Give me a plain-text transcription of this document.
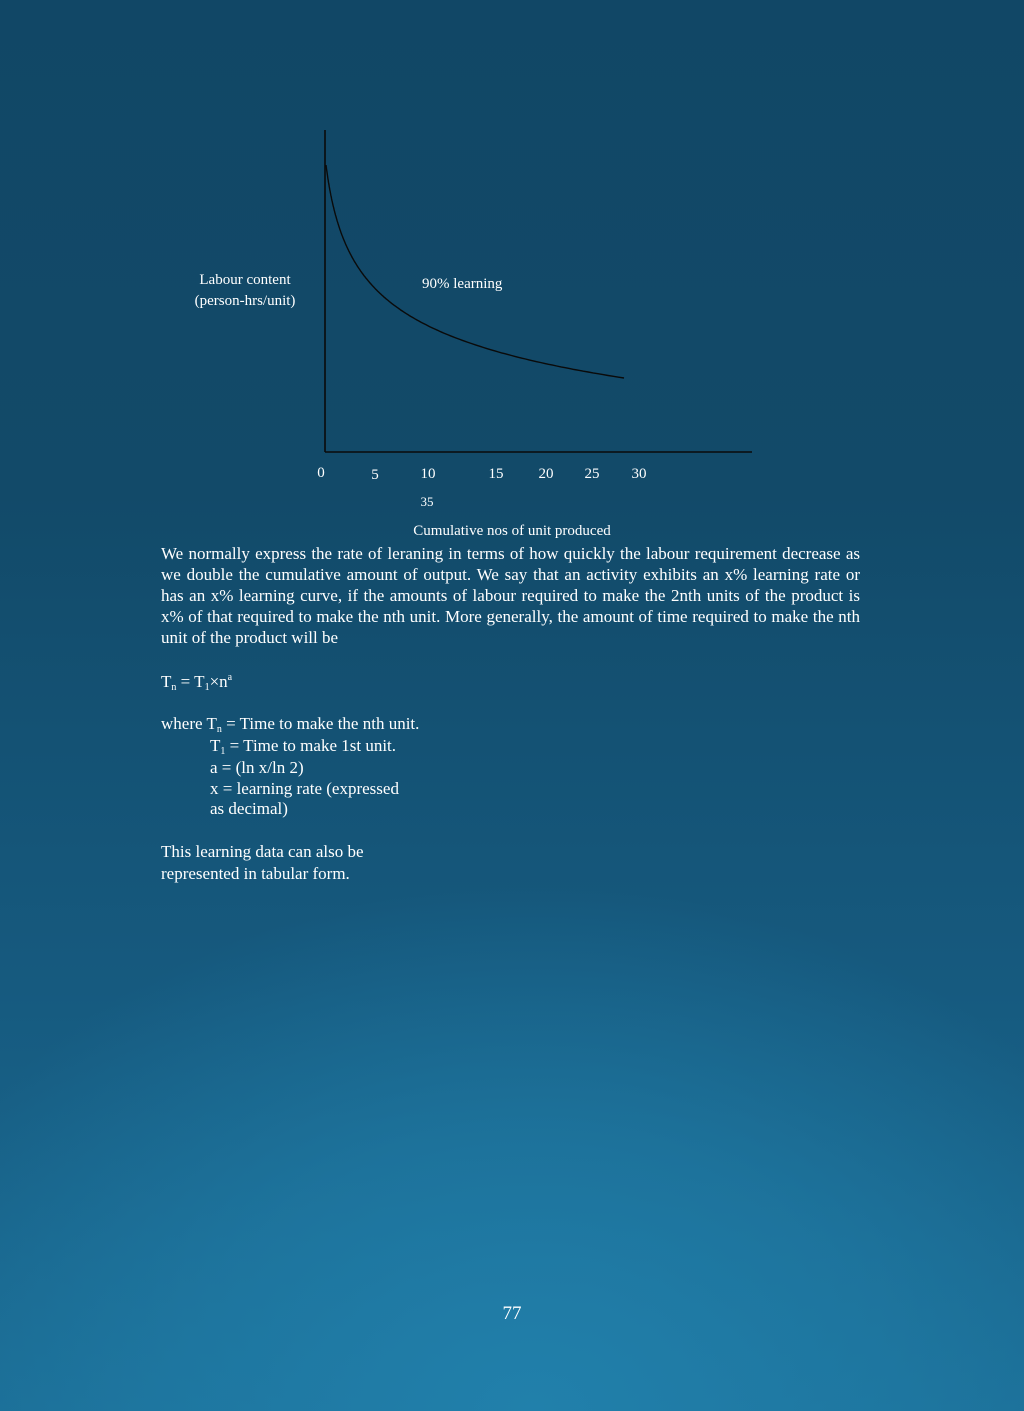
0	5	10	15 20 25 30
35
Labour content
(person-hrs/unit)
90% learning
Cumulative nos of unit produced

We normally express the rate of leraning in terms of how quickly the labour requirement decrease as we double the cumulative amount of output. We say that an activity exhibits an x% learning rate or has an x% learning curve, if the amounts of labour required to make the 2nth units of the product is x% of that required to make the nth unit. More generally, the amount of time required to make the nth unit of the product will be

$T_n = T_1\times n^a$
where $T_n$ = Time to make the nth unit.
$T_1$ = Time to make 1st unit.
a = (ln x/ln 2)
x = learning rate (expressed
as decimal)
This learning data can also be
represented in tabular form.
77
